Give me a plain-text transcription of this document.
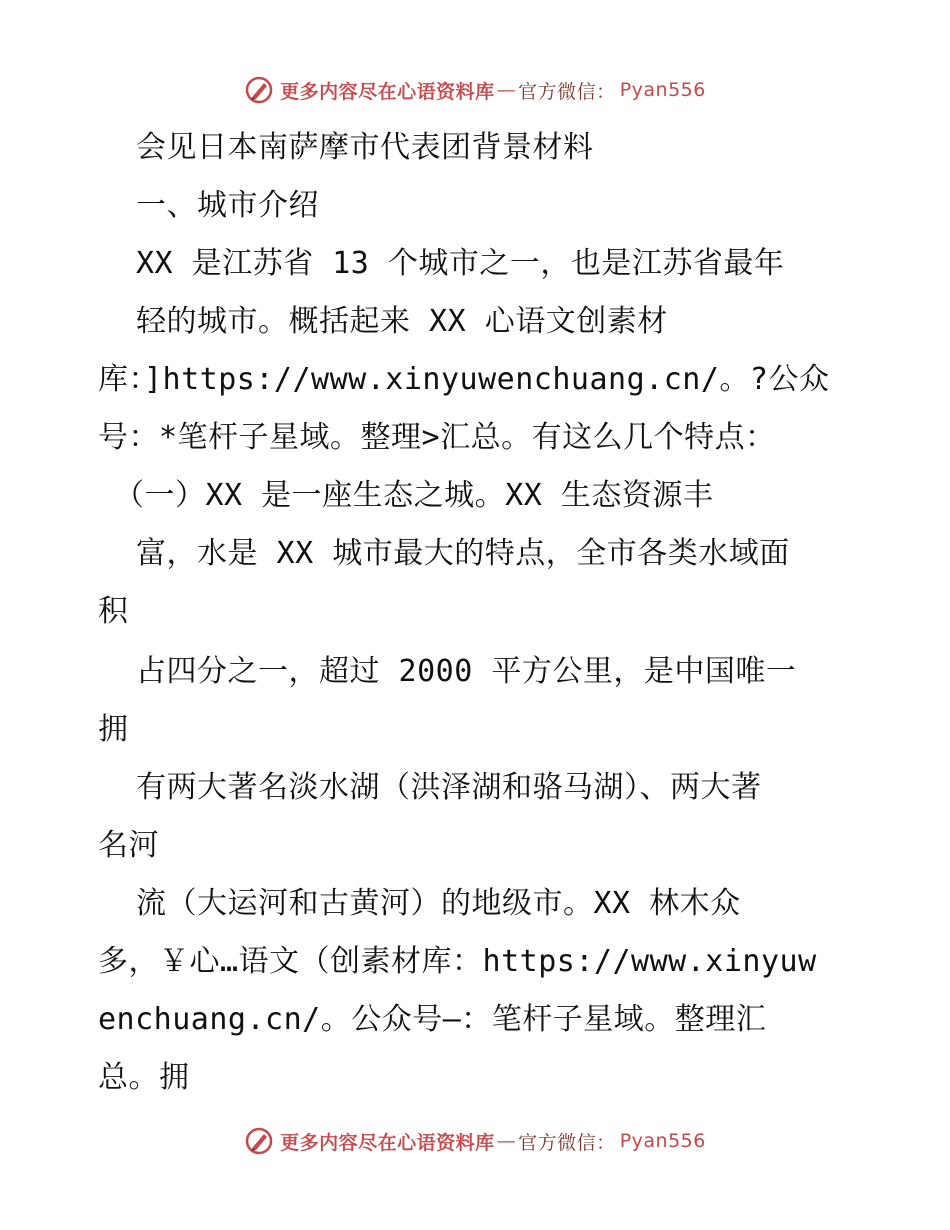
更多内容尽在心语资料库 — 官方微信 ： Pyan556
会见日本南萨摩市代表团背景材料
一、城市介绍
XX 是江苏省 13 个城市之一，也是江苏省最年
轻的城市。概括起来 XX 心语文创素材
库：]https://www.xinyuwenchuang.cn/。?公众
号：*笔杆子星域。整理>汇总。有这么几个特点：
（一）XX 是一座生态之城。XX 生态资源丰
富，水是 XX 城市最大的特点，全市各类水域面
积
占四分之一，超过 2000 平方公里，是中国唯一
拥
有两大著名淡水湖（洪泽湖和骆马湖）、两大著
名河
流（大运河和古黄河）的地级市。XX 林木众
多，￥心…语文（创素材库：https://www.xinyuw
enchuang.cn/。公众号—：笔杆子星域。整理汇
总。拥
更多内容尽在心语资料库 — 官方微信 ： Pyan556
